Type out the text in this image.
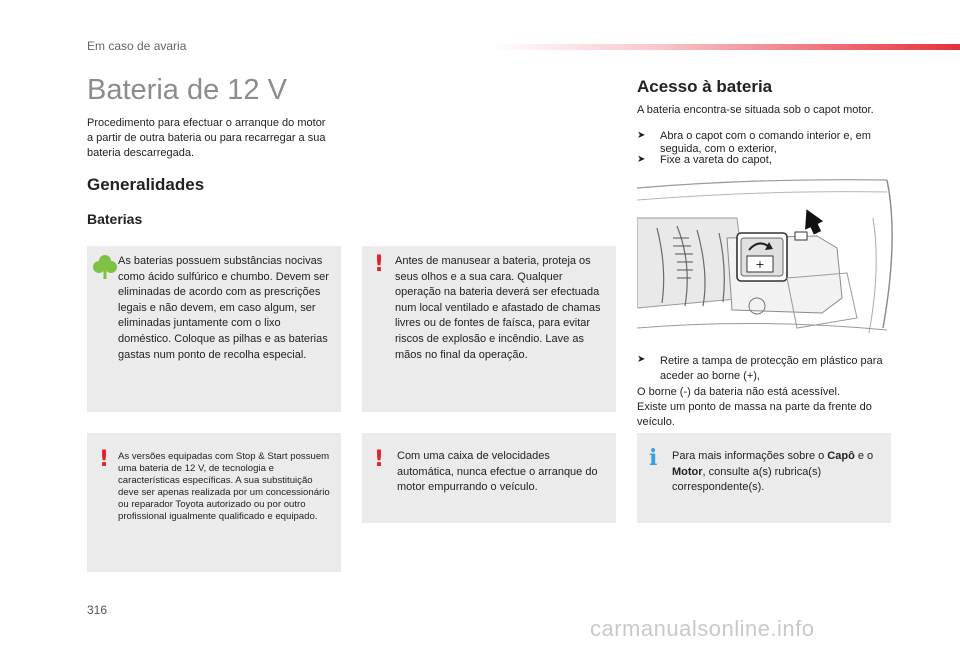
Em caso de avaria
Bateria de 12 V

Procedimento para efectuar o arranque do motor a partir de outra bateria ou para recarregar a sua bateria descarregada.

Generalidades
Baterias

As baterias possuem substâncias nocivas como ácido sulfúrico e chumbo. Devem ser eliminadas de acordo com as prescrições legais e não devem, em caso algum, ser eliminadas juntamente com o lixo doméstico. Coloque as pilhas e as baterias gastas num ponto de recolha especial.

! Antes de manusear a bateria, proteja os seus olhos e a sua cara. Qualquer operação na bateria deverá ser efectuada num local ventilado e afastado de chamas livres ou de fontes de faísca, para evitar riscos de explosão e incêndio. Lave as mãos no final da operação.

! As versões equipadas com Stop & Start possuem uma bateria de 12 V, de tecnologia e características específicas. A sua substituição deve ser apenas realizada por um concessionário ou reparador Toyota autorizado ou por outro profissional igualmente qualificado e equipado.

! Com uma caixa de velocidades automática, nunca efectue o arranque do motor empurrando o veículo.

i Para mais informações sobre o Capô e o Motor, consulte a(s) rubrica(s) correspondente(s).

Acesso à bateria

A bateria encontra-se situada sob o capot motor.

➤ Abra o capot com o comando interior e, em seguida, com o exterior,

➤ Fixe a vareta do capot,

+
➤ Retire a tampa de protecção em plástico para aceder ao borne (+),

O borne (-) da bateria não está acessível.

Existe um ponto de massa na parte da frente do veículo.

316
carmanualsonline.info
